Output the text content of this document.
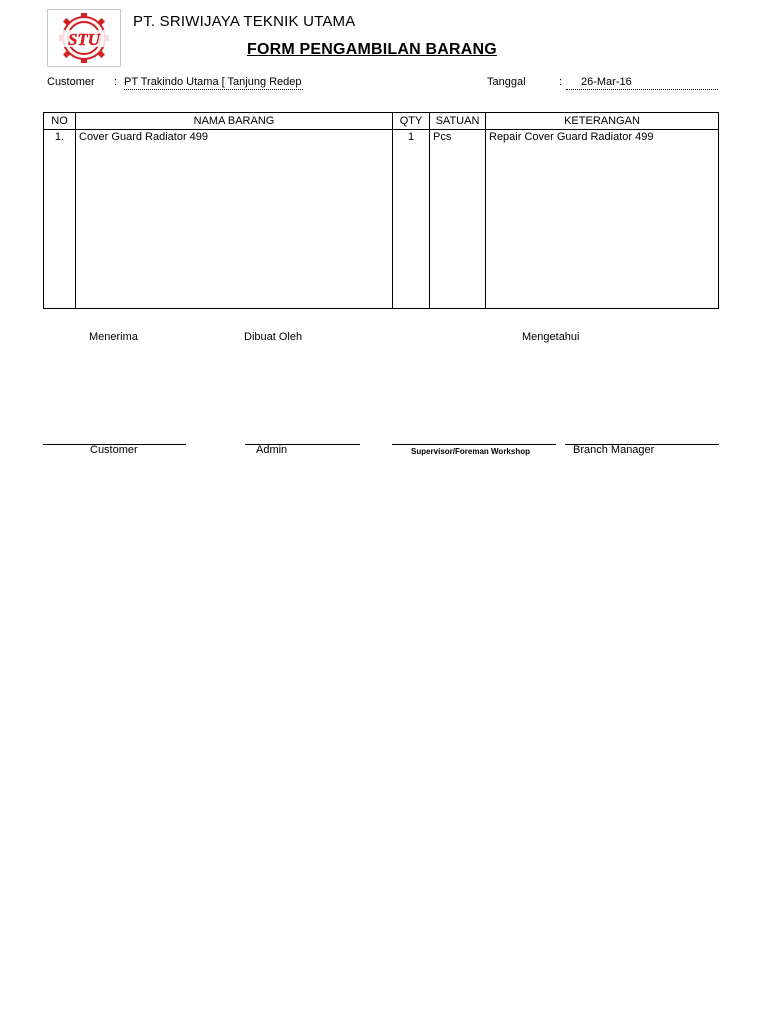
STU
PT. SRIWIJAYA TEKNIK UTAMA
FORM PENGAMBILAN BARANG
Customer : PT Trakindo Utama [ Tanjung Redep	Tanggal	:	26-Mar-16
NO	NAMA BARANG	QTY	SATUAN	KETERANGAN
1.	Cover Guard Radiator 499	1	Pcs	Repair Cover Guard Radiator 499
Menerima	Dibuat Oleh	Mengetahui
Customer	Admin	Supervisor/Foreman Workshop	Branch Manager
